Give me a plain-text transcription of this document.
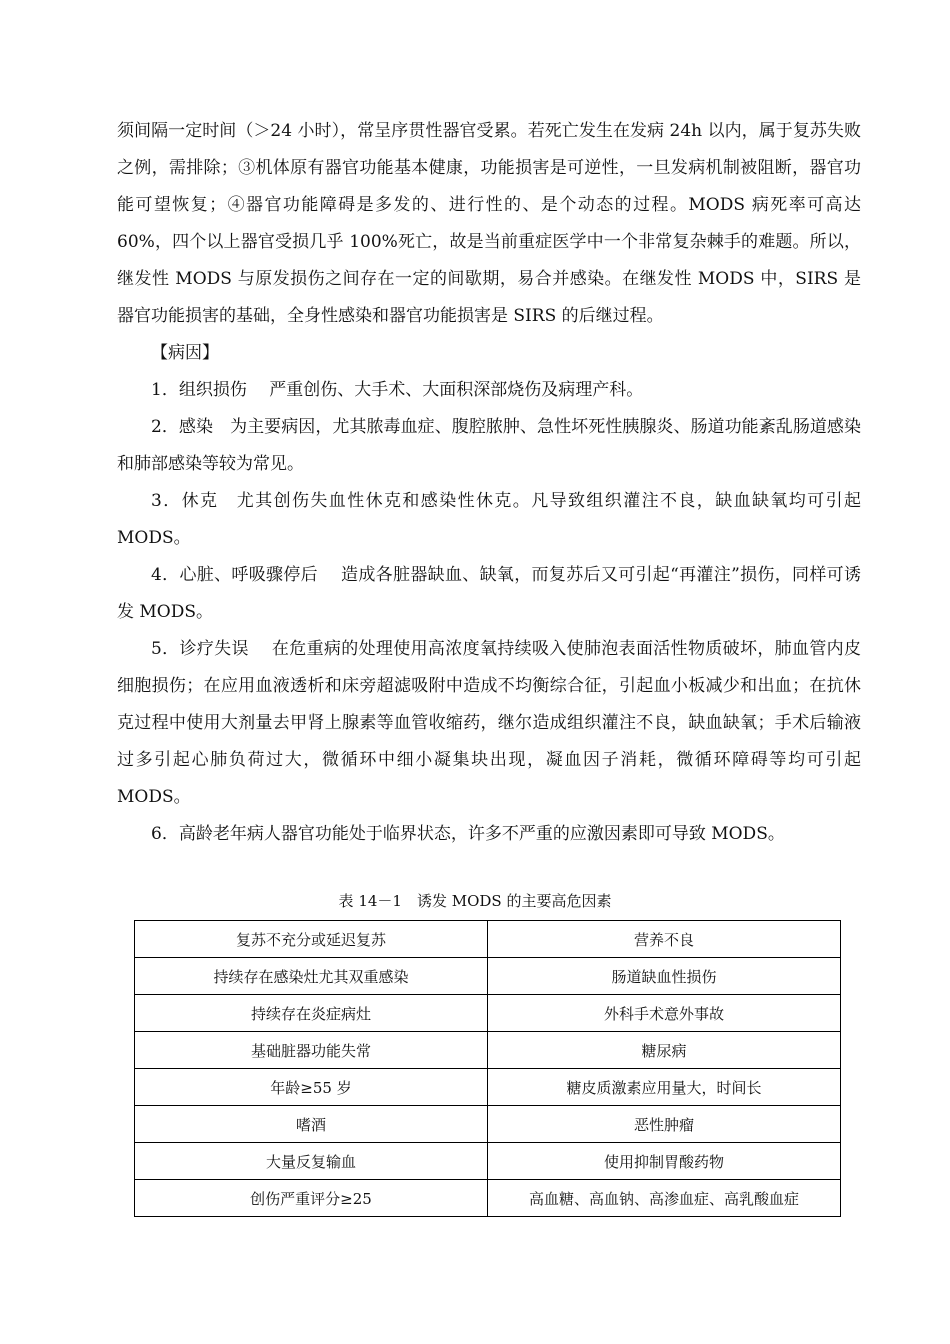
须间隔一定时间（＞24 小时），常呈序贯性器官受累。若死亡发生在发病 24h 以内，属于复苏失败之例，需排除；③机体原有器官功能基本健康，功能损害是可逆性，一旦发病机制被阻断，器官功能可望恢复；④器官功能障碍是多发的、进行性的、是个动态的过程。MODS 病死率可高达 60%，四个以上器官受损几乎 100%死亡，故是当前重症医学中一个非常复杂棘手的难题。所以，继发性 MODS 与原发损伤之间存在一定的间歇期，易合并感染。在继发性 MODS 中，SIRS 是器官功能损害的基础，全身性感染和器官功能损害是 SIRS 的后继过程。

【病因】

1．组织损伤　 严重创伤、大手术、大面积深部烧伤及病理产科。

2．感染　为主要病因，尤其脓毒血症、腹腔脓肿、急性坏死性胰腺炎、肠道功能紊乱肠道感染和肺部感染等较为常见。

3．休克　尤其创伤失血性休克和感染性休克。凡导致组织灌注不良，缺血缺氧均可引起 MODS。

4．心脏、呼吸骤停后　 造成各脏器缺血、缺氧，而复苏后又可引起“再灌注”损伤，同样可诱发 MODS。

5．诊疗失误　 在危重病的处理使用高浓度氧持续吸入使肺泡表面活性物质破坏，肺血管内皮细胞损伤；在应用血液透析和床旁超滤吸附中造成不均衡综合征，引起血小板减少和出血；在抗休克过程中使用大剂量去甲肾上腺素等血管收缩药，继尔造成组织灌注不良，缺血缺氧；手术后输液过多引起心肺负荷过大，微循环中细小凝集块出现，凝血因子消耗，微循环障碍等均可引起 MODS。

6．高龄老年病人器官功能处于临界状态，许多不严重的应激因素即可导致 MODS。

表 14－1　诱发 MODS 的主要高危因素
复苏不充分或延迟复苏	营养不良
持续存在感染灶尤其双重感染	肠道缺血性损伤
持续存在炎症病灶	外科手术意外事故
基础脏器功能失常	糖尿病
年龄≥55 岁	糖皮质激素应用量大，时间长
嗜酒	恶性肿瘤
大量反复输血	使用抑制胃酸药物
创伤严重评分≥25	高血糖、高血钠、高渗血症、高乳酸血症
